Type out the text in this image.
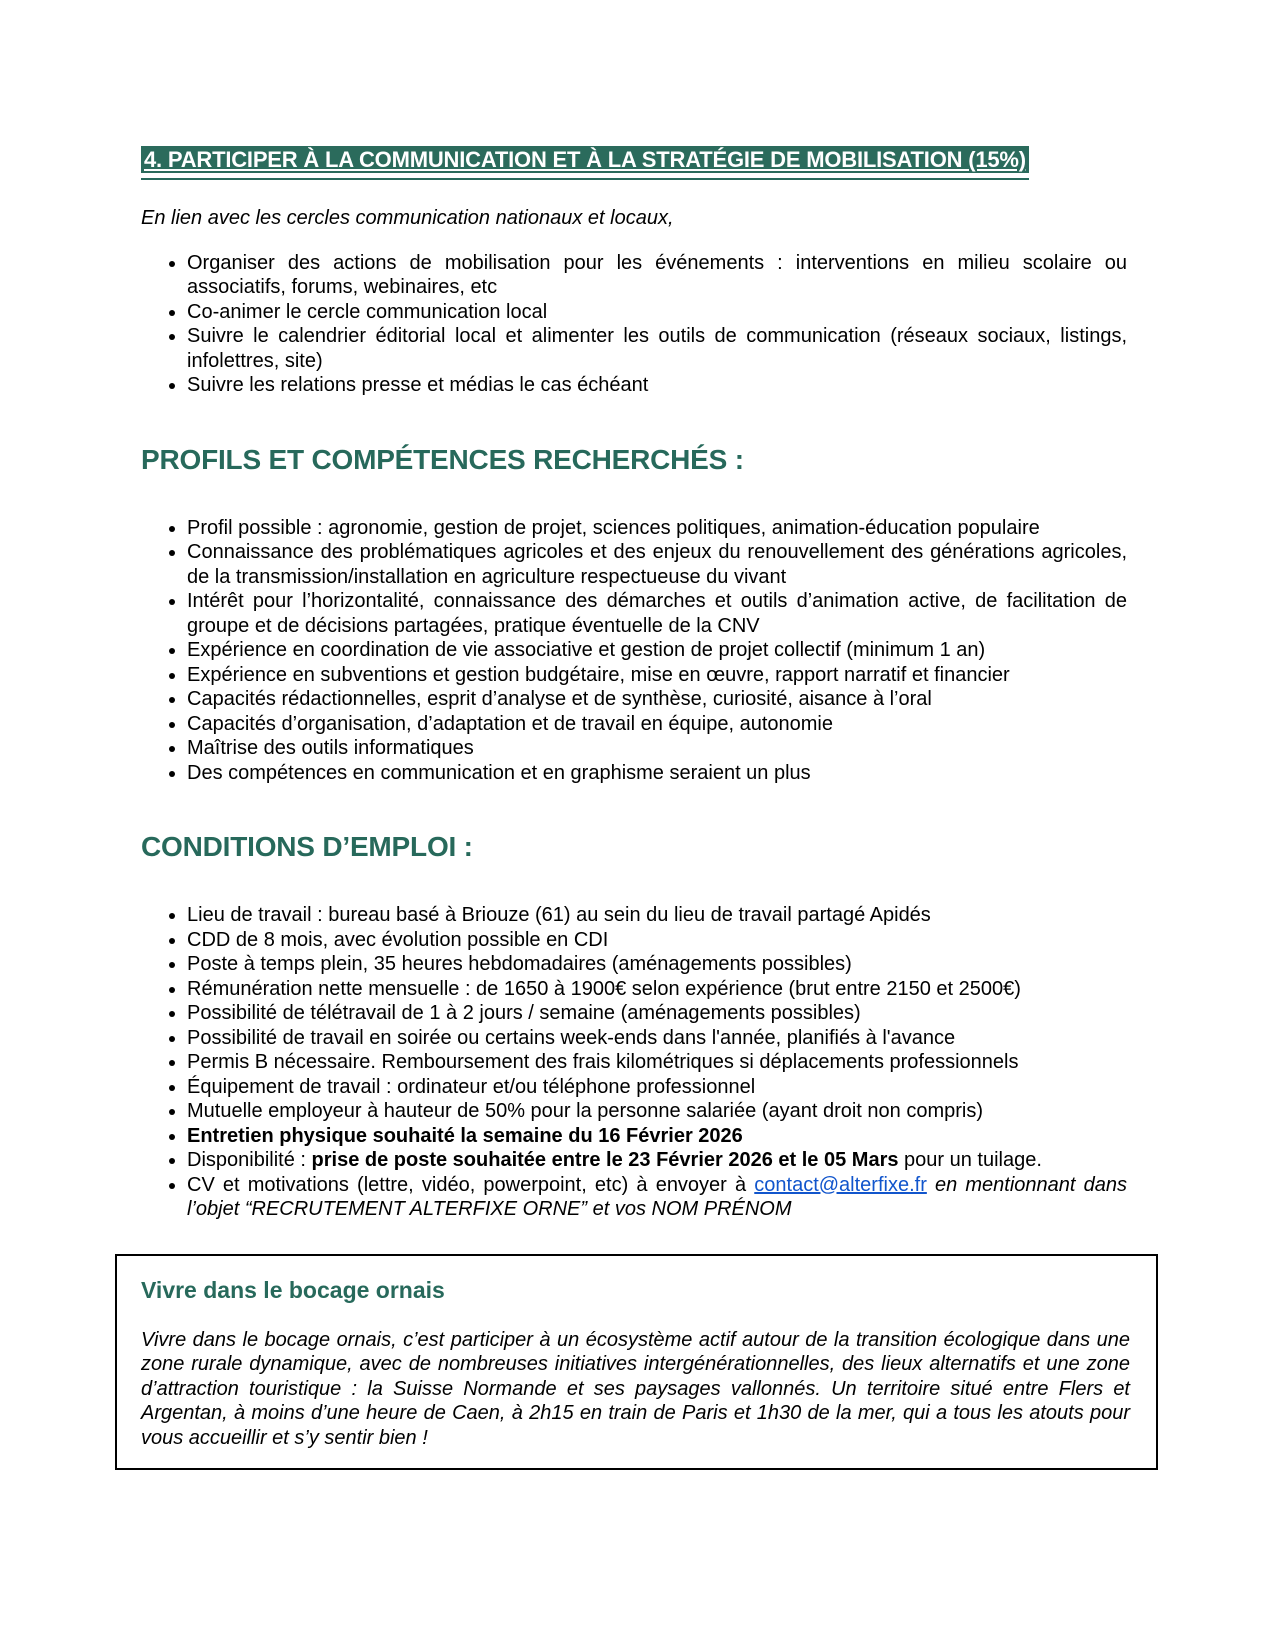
4. PARTICIPER À LA COMMUNICATION ET À LA STRATÉGIE DE MOBILISATION (15%)

En lien avec les cercles communication nationaux et locaux,

• Organiser des actions de mobilisation pour les événements : interventions en milieu scolaire ou associatifs, forums, webinaires, etc
• Co-animer le cercle communication local
• Suivre le calendrier éditorial local et alimenter les outils de communication (réseaux sociaux, listings, infolettres, site)
• Suivre les relations presse et médias le cas échéant
PROFILS ET COMPÉTENCES RECHERCHÉS :
• Profil possible : agronomie, gestion de projet, sciences politiques, animation-éducation populaire
• Connaissance des problématiques agricoles et des enjeux du renouvellement des générations agricoles, de la transmission/installation en agriculture respectueuse du vivant
• Intérêt pour l’horizontalité, connaissance des démarches et outils d’animation active, de facilitation de groupe et de décisions partagées, pratique éventuelle de la CNV
• Expérience en coordination de vie associative et gestion de projet collectif (minimum 1 an)
• Expérience en subventions et gestion budgétaire, mise en œuvre, rapport narratif et financier
• Capacités rédactionnelles, esprit d’analyse et de synthèse, curiosité, aisance à l’oral
• Capacités d’organisation, d’adaptation et de travail en équipe, autonomie
• Maîtrise des outils informatiques
• Des compétences en communication et en graphisme seraient un plus
CONDITIONS D’EMPLOI :
• Lieu de travail : bureau basé à Briouze (61) au sein du lieu de travail partagé Apidés
• CDD de 8 mois, avec évolution possible en CDI
• Poste à temps plein, 35 heures hebdomadaires (aménagements possibles)
• Rémunération nette mensuelle : de 1650 à 1900€ selon expérience (brut entre 2150 et 2500€)
• Possibilité de télétravail de 1 à 2 jours / semaine (aménagements possibles)
• Possibilité de travail en soirée ou certains week-ends dans l'année, planifiés à l'avance
• Permis B nécessaire. Remboursement des frais kilométriques si déplacements professionnels
• Équipement de travail : ordinateur et/ou téléphone professionnel
• Mutuelle employeur à hauteur de 50% pour la personne salariée (ayant droit non compris)
• Entretien physique souhaité la semaine du 16 Février 2026
• Disponibilité : prise de poste souhaitée entre le 23 Février 2026 et le 05 Mars pour un tuilage.
• CV et motivations (lettre, vidéo, powerpoint, etc) à envoyer à contact@alterfixe.fr en mentionnant dans l’objet “RECRUTEMENT ALTERFIXE ORNE” et vos NOM PRÉNOM
Vivre dans le bocage ornais

Vivre dans le bocage ornais, c’est participer à un écosystème actif autour de la transition écologique dans une zone rurale dynamique, avec de nombreuses initiatives intergénérationnelles, des lieux alternatifs et une zone d’attraction touristique : la Suisse Normande et ses paysages vallonnés. Un territoire situé entre Flers et Argentan, à moins d’une heure de Caen, à 2h15 en train de Paris et 1h30 de la mer, qui a tous les atouts pour vous accueillir et s’y sentir bien !
